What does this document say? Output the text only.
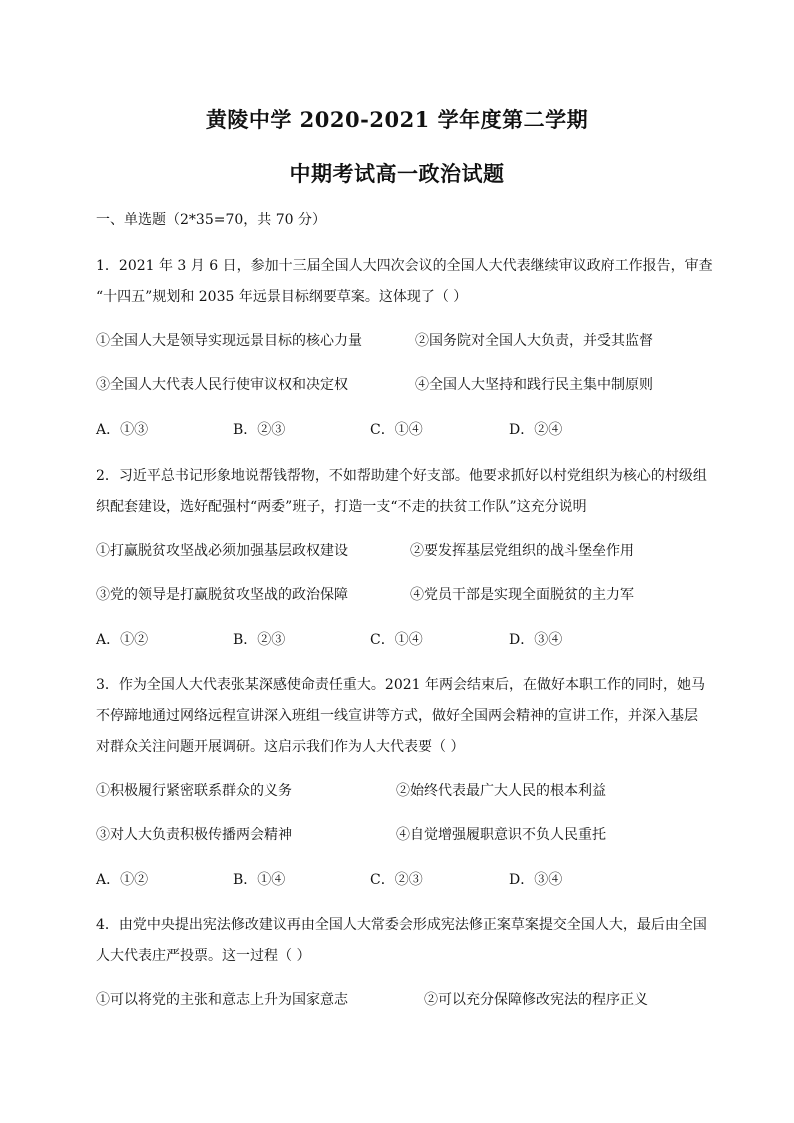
黄陵中学 2020-2021 学年度第二学期
中期考试高一政治试题
一、单选题（2*35=70，共 70 分）
1．2021 年 3 月 6 日，参加十三届全国人大四次会议的全国人大代表继续审议政府工作报告，审查
“十四五”规划和 2035 年远景目标纲要草案。这体现了（ ）
①全国人大是领导实现远景目标的核心力量	②国务院对全国人大负责，并受其监督
③全国人大代表人民行使审议权和决定权	④全国人大坚持和践行民主集中制原则
A．①③	B．②③	C．①④	D．②④
2．习近平总书记形象地说帮钱帮物，不如帮助建个好支部。他要求抓好以村党组织为核心的村级组
织配套建设，选好配强村“两委”班子，打造一支“不走的扶贫工作队”这充分说明
①打赢脱贫攻坚战必须加强基层政权建设	②要发挥基层党组织的战斗堡垒作用
③党的领导是打赢脱贫攻坚战的政治保障	④党员干部是实现全面脱贫的主力军
A．①②	B．②③	C．①④	D．③④
3．作为全国人大代表张某深感使命责任重大。2021 年两会结束后，在做好本职工作的同时，她马
不停蹄地通过网络远程宣讲深入班组一线宣讲等方式，做好全国两会精神的宣讲工作，并深入基层
对群众关注问题开展调研。这启示我们作为人大代表要（ ）
①积极履行紧密联系群众的义务	②始终代表最广大人民的根本利益
③对人大负责积极传播两会精神	④自觉增强履职意识不负人民重托
A．①②	B．①④	C．②③	D．③④
4．由党中央提出宪法修改建议再由全国人大常委会形成宪法修正案草案提交全国人大，最后由全国
人大代表庄严投票。这一过程（ ）
①可以将党的主张和意志上升为国家意志	②可以充分保障修改宪法的程序正义
